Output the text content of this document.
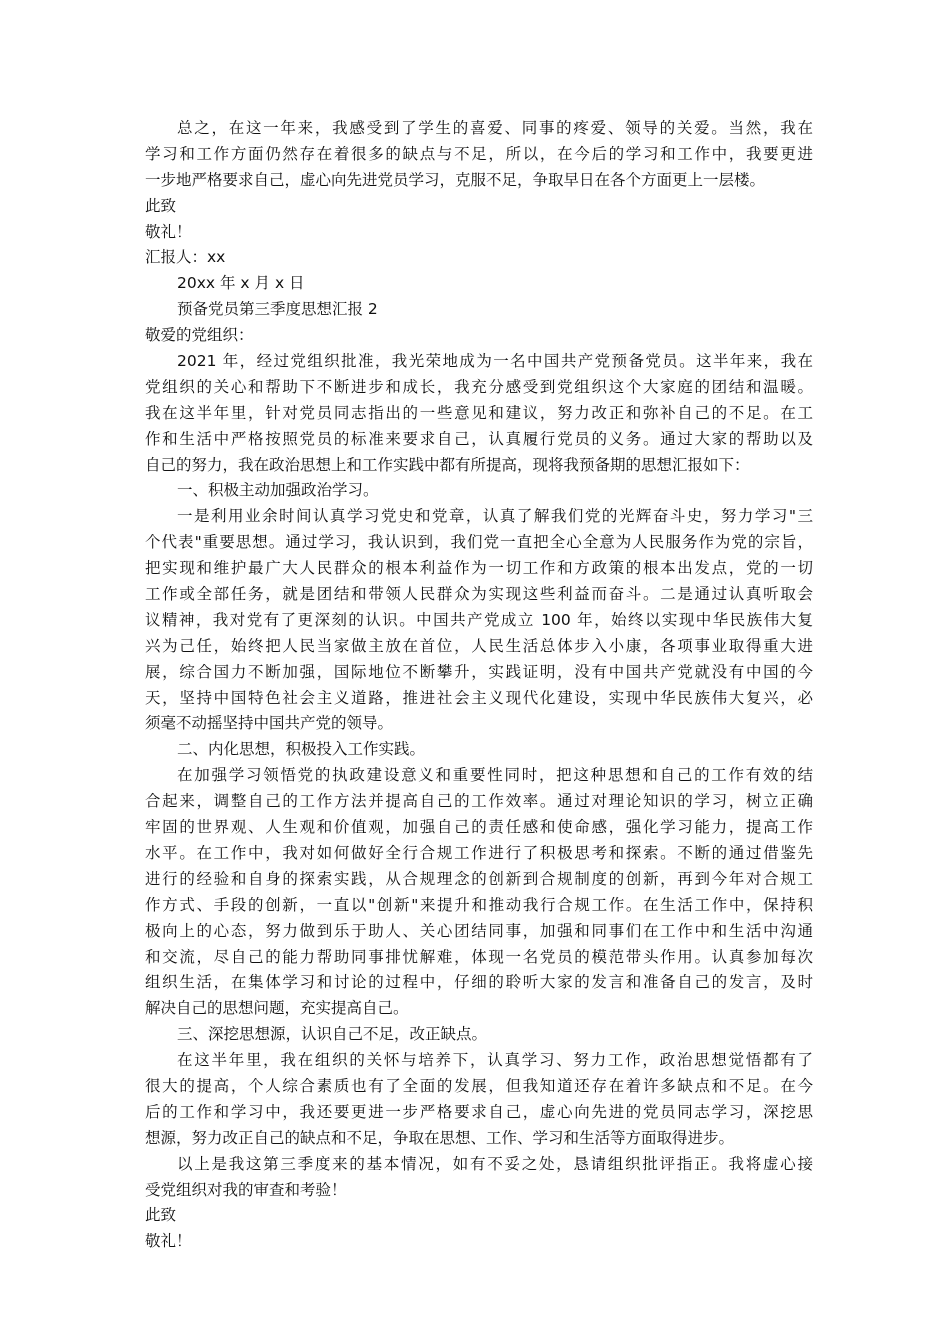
总之，在这一年来，我感受到了学生的喜爱、同事的疼爱、领导的关爱。当然，我在
学习和工作方面仍然存在着很多的缺点与不足，所以，在今后的学习和工作中，我要更进
一步地严格要求自己，虚心向先进党员学习，克服不足，争取早日在各个方面更上一层楼。
此致
敬礼！
汇报人：xx
20xx 年 x 月 x 日
预备党员第三季度思想汇报 2
敬爱的党组织：
2021 年，经过党组织批准，我光荣地成为一名中国共产党预备党员。这半年来，我在
党组织的关心和帮助下不断进步和成长，我充分感受到党组织这个大家庭的团结和温暖。
我在这半年里，针对党员同志指出的一些意见和建议，努力改正和弥补自己的不足。在工
作和生活中严格按照党员的标准来要求自己，认真履行党员的义务。通过大家的帮助以及
自己的努力，我在政治思想上和工作实践中都有所提高，现将我预备期的思想汇报如下：
一、积极主动加强政治学习。
一是利用业余时间认真学习党史和党章，认真了解我们党的光辉奋斗史，努力学习"三
个代表"重要思想。通过学习，我认识到，我们党一直把全心全意为人民服务作为党的宗旨，
把实现和维护最广大人民群众的根本利益作为一切工作和方政策的根本出发点，党的一切
工作或全部任务，就是团结和带领人民群众为实现这些利益而奋斗。二是通过认真听取会
议精神，我对党有了更深刻的认识。中国共产党成立 100 年，始终以实现中华民族伟大复
兴为己任，始终把人民当家做主放在首位，人民生活总体步入小康，各项事业取得重大进
展，综合国力不断加强，国际地位不断攀升，实践证明，没有中国共产党就没有中国的今
天，坚持中国特色社会主义道路，推进社会主义现代化建设，实现中华民族伟大复兴，必
须毫不动摇坚持中国共产党的领导。
二、内化思想，积极投入工作实践。
在加强学习领悟党的执政建设意义和重要性同时，把这种思想和自己的工作有效的结
合起来，调整自己的工作方法并提高自己的工作效率。通过对理论知识的学习，树立正确
牢固的世界观、人生观和价值观，加强自己的责任感和使命感，强化学习能力，提高工作
水平。在工作中，我对如何做好全行合规工作进行了积极思考和探索。不断的通过借鉴先
进行的经验和自身的探索实践，从合规理念的创新到合规制度的创新，再到今年对合规工
作方式、手段的创新，一直以"创新"来提升和推动我行合规工作。在生活工作中，保持积
极向上的心态，努力做到乐于助人、关心团结同事，加强和同事们在工作中和生活中沟通
和交流，尽自己的能力帮助同事排忧解难，体现一名党员的模范带头作用。认真参加每次
组织生活，在集体学习和讨论的过程中，仔细的聆听大家的发言和准备自己的发言，及时
解决自己的思想问题，充实提高自己。
三、深挖思想源，认识自己不足，改正缺点。
在这半年里，我在组织的关怀与培养下，认真学习、努力工作，政治思想觉悟都有了
很大的提高，个人综合素质也有了全面的发展，但我知道还存在着许多缺点和不足。在今
后的工作和学习中，我还要更进一步严格要求自己，虚心向先进的党员同志学习，深挖思
想源，努力改正自己的缺点和不足，争取在思想、工作、学习和生活等方面取得进步。
以上是我这第三季度来的基本情况，如有不妥之处，恳请组织批评指正。我将虚心接
受党组织对我的审查和考验！
此致
敬礼！
